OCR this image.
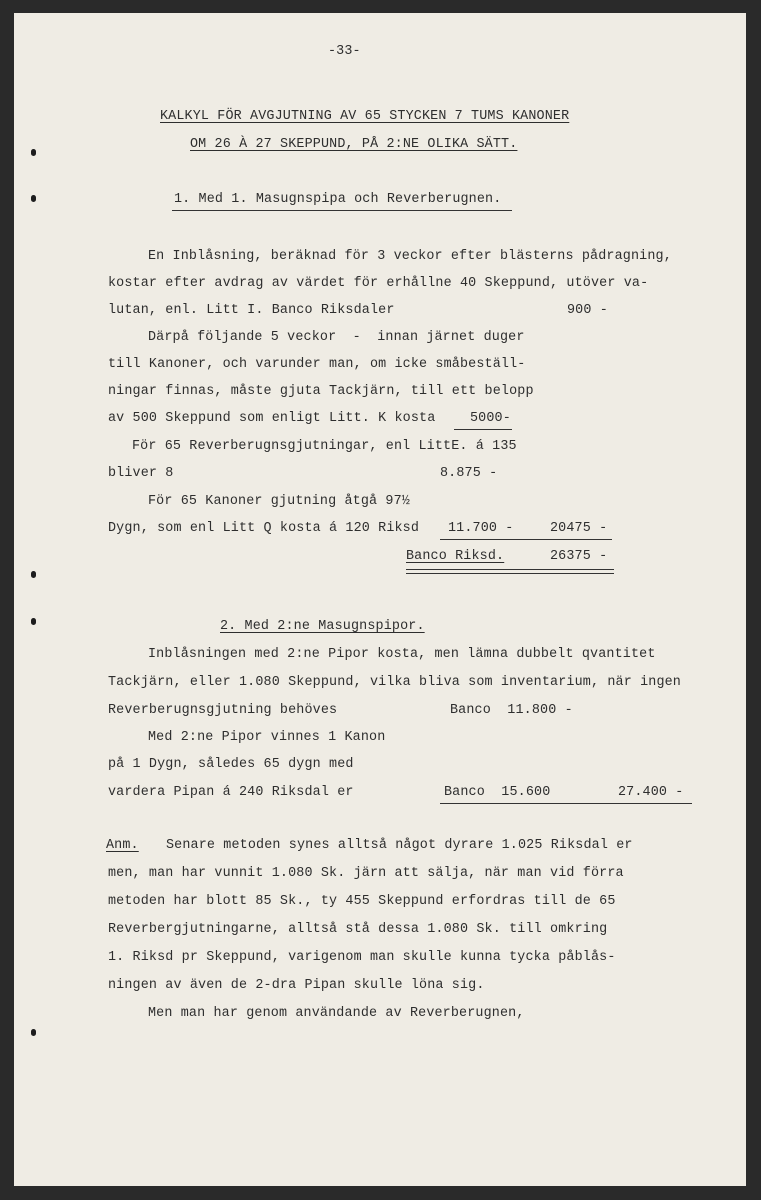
-33-
KALKYL FÖR AVGJUTNING AV 65 STYCKEN 7 TUMS KANONER
OM 26 À 27 SKEPPUND, PÅ 2:NE OLIKA SÄTT.
1. Med 1. Masugnspipa och Reverberugnen.
En Inblåsning, beräknad för 3 veckor efter blästerns pådragning,
kostar efter avdrag av värdet för erhållne 40 Skeppund, utöver va-
lutan, enl. Litt I. Banco Riksdaler	900 -
Därpå följande 5 veckor  -  innan järnet duger
till Kanoner, och varunder man, om icke småbeställ-
ningar finnas, måste gjuta Tackjärn, till ett belopp
av 500 Skeppund som enligt Litt. K kosta	5000-
För 65 Reverberugnsgjutningar, enl LittE. á 135
bliver 8	8.875 -
För 65 Kanoner gjutning åtgå 97½
Dygn, som enl Litt Q kosta á 120 Riksd 11.700 -	20475 -
Banco Riksd.	26375 -
2. Med 2:ne Masugnspipor.
Inblåsningen med 2:ne Pipor kosta, men lämna dubbelt qvantitet
Tackjärn, eller 1.080 Skeppund, vilka bliva som inventarium, när ingen
Reverberugnsgjutning behöves	Banco  11.800 -
Med 2:ne Pipor vinnes 1 Kanon
på 1 Dygn, således 65 dygn med
vardera Pipan á 240 Riksdal er	Banco  15.600	27.400 -
Anm. Senare metoden synes alltså något dyrare 1.025 Riksdal er
men, man har vunnit 1.080 Sk. järn att sälja, när man vid förra
metoden har blott 85 Sk., ty 455 Skeppund erfordras till de 65
Reverbergjutningarne, alltså stå dessa 1.080 Sk. till omkring
1. Riksd pr Skeppund, varigenom man skulle kunna tycka påblås-
ningen av även de 2-dra Pipan skulle löna sig.
Men man har genom användande av Reverberugnen,
